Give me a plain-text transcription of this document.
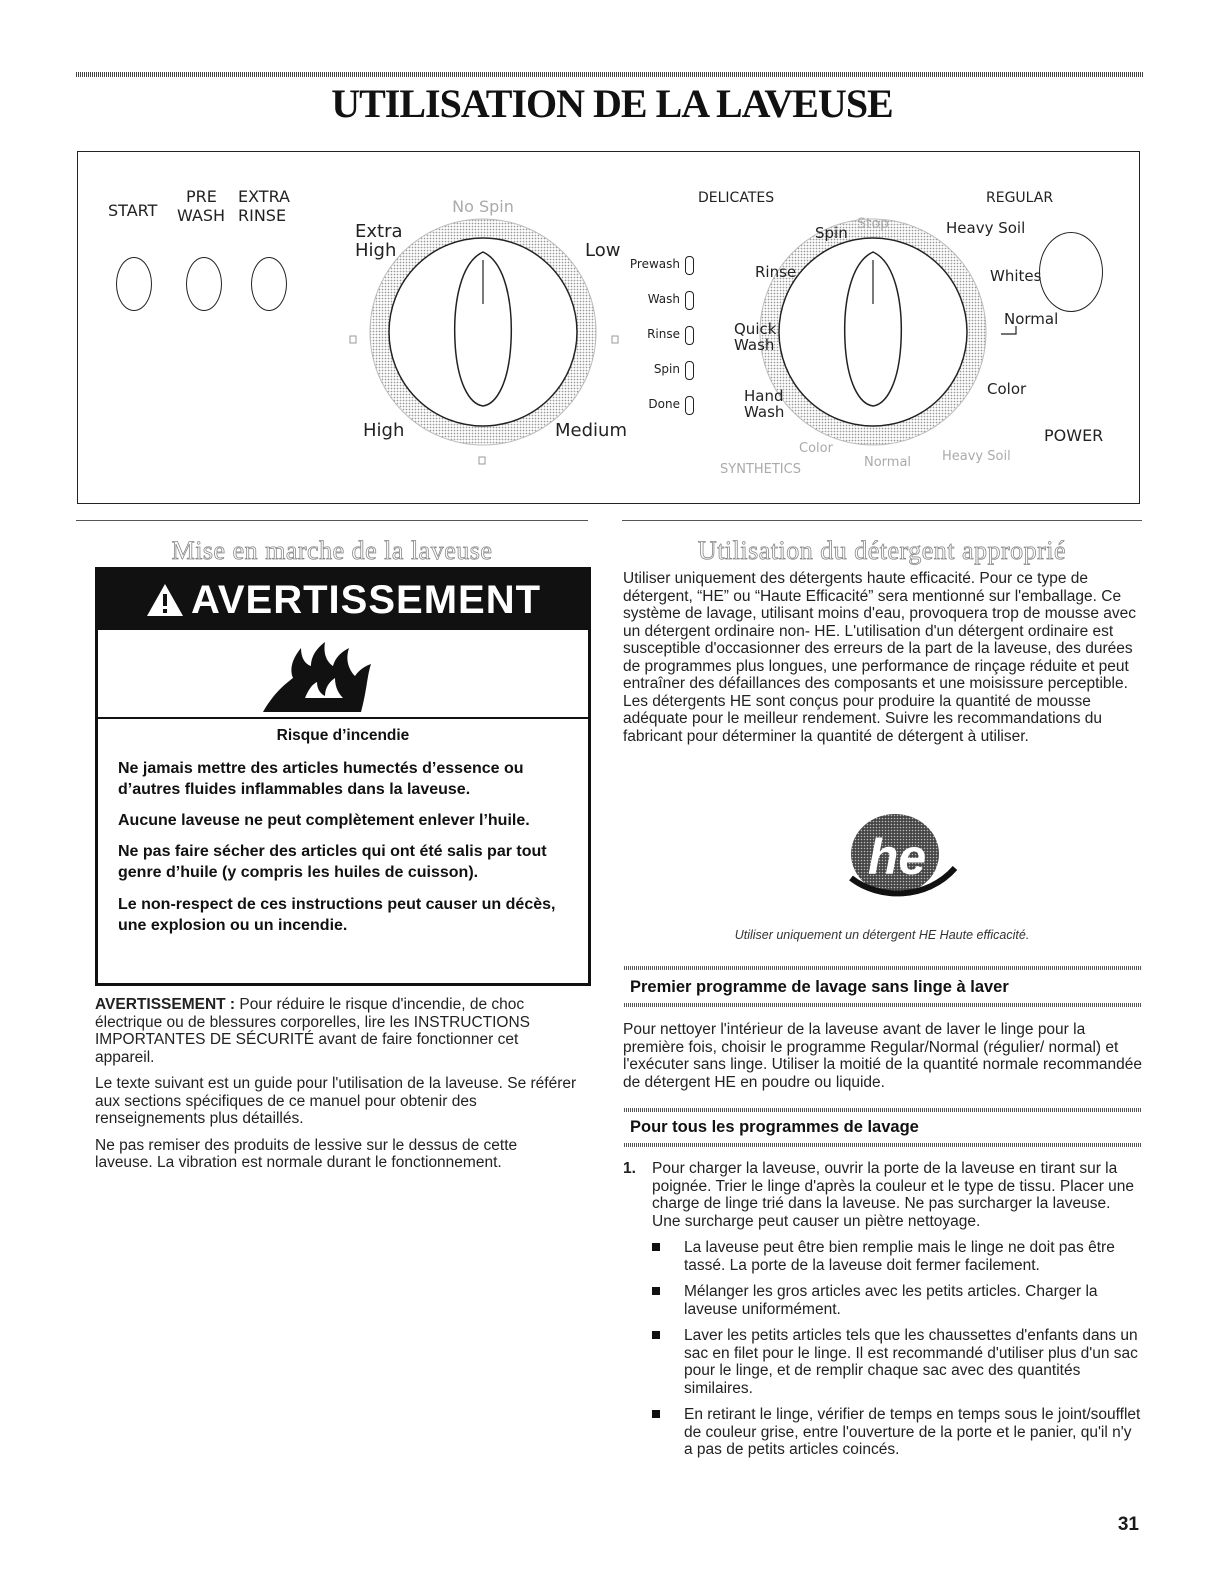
UTILISATION DE LA LAVEUSE
START
PRE
WASH
EXTRA
RINSE	No Spin
Extra
High	Low
High	Medium
Prewash
Wash
Rinse
Spin
Done
DELICATES	REGULAR
Spin Stop	Heavy Soil
Rinse	Whites
Normal
Quick
Wash
Color
Hand
Wash
Color
SYNTHETICS	Normal Heavy Soil
POWER
Mise en marche de la laveuse
AVERTISSEMENT
Risque d’incendie
Ne jamais mettre des articles humectés d’essence ou d’autres fluides inflammables dans la laveuse.
Aucune laveuse ne peut complètement enlever l’huile.
Ne pas faire sécher des articles qui ont été salis par tout genre d’huile (y compris les huiles de cuisson).
Le non-respect de ces instructions peut causer un décès, une explosion ou un incendie.

AVERTISSEMENT : Pour réduire le risque d'incendie, de choc électrique ou de blessures corporelles, lire les INSTRUCTIONS IMPORTANTES DE SÉCURITÉ avant de faire fonctionner cet appareil.

Le texte suivant est un guide pour l'utilisation de la laveuse. Se référer aux sections spécifiques de ce manuel pour obtenir des renseignements plus détaillés.

Ne pas remiser des produits de lessive sur le dessus de cette laveuse. La vibration est normale durant le fonctionnement.

Utilisation du détergent approprié
Utiliser uniquement des détergents haute efficacité. Pour ce type de détergent, “HE” ou “Haute Efficacité” sera mentionné sur l'emballage. Ce système de lavage, utilisant moins d'eau, provoquera trop de mousse avec un détergent ordinaire non- HE. L'utilisation d'un détergent ordinaire est susceptible d'occasionner des erreurs de la part de la laveuse, des durées de programmes plus longues, une performance de rinçage réduite et peut entraîner des défaillances des composants et une moisissure perceptible. Les détergents HE sont conçus pour produire la quantité de mousse adéquate pour le meilleur rendement. Suivre les recommandations du fabricant pour déterminer la quantité de détergent à utiliser.
he
Utiliser uniquement un détergent HE Haute efficacité.
Premier programme de lavage sans linge à laver
Pour nettoyer l'intérieur de la laveuse avant de laver le linge pour la première fois, choisir le programme Regular/Normal (régulier/ normal) et l'exécuter sans linge. Utiliser la moitié de la quantité normale recommandée de détergent HE en poudre ou liquide.
Pour tous les programmes de lavage
1. Pour charger la laveuse, ouvrir la porte de la laveuse en tirant sur la poignée. Trier le linge d'après la couleur et le type de tissu. Placer une charge de linge trié dans la laveuse. Ne pas surcharger la laveuse. Une surcharge peut causer un piètre nettoyage.
La laveuse peut être bien remplie mais le linge ne doit pas être tassé. La porte de la laveuse doit fermer facilement.
Mélanger les gros articles avec les petits articles. Charger la laveuse uniformément.
Laver les petits articles tels que les chaussettes d'enfants dans un sac en filet pour le linge. Il est recommandé d'utiliser plus d'un sac pour le linge, et de remplir chaque sac avec des quantités similaires.
En retirant le linge, vérifier de temps en temps sous le joint/soufflet de couleur grise, entre l'ouverture de la porte et le panier, qu'il n'y a pas de petits articles coincés.
31
